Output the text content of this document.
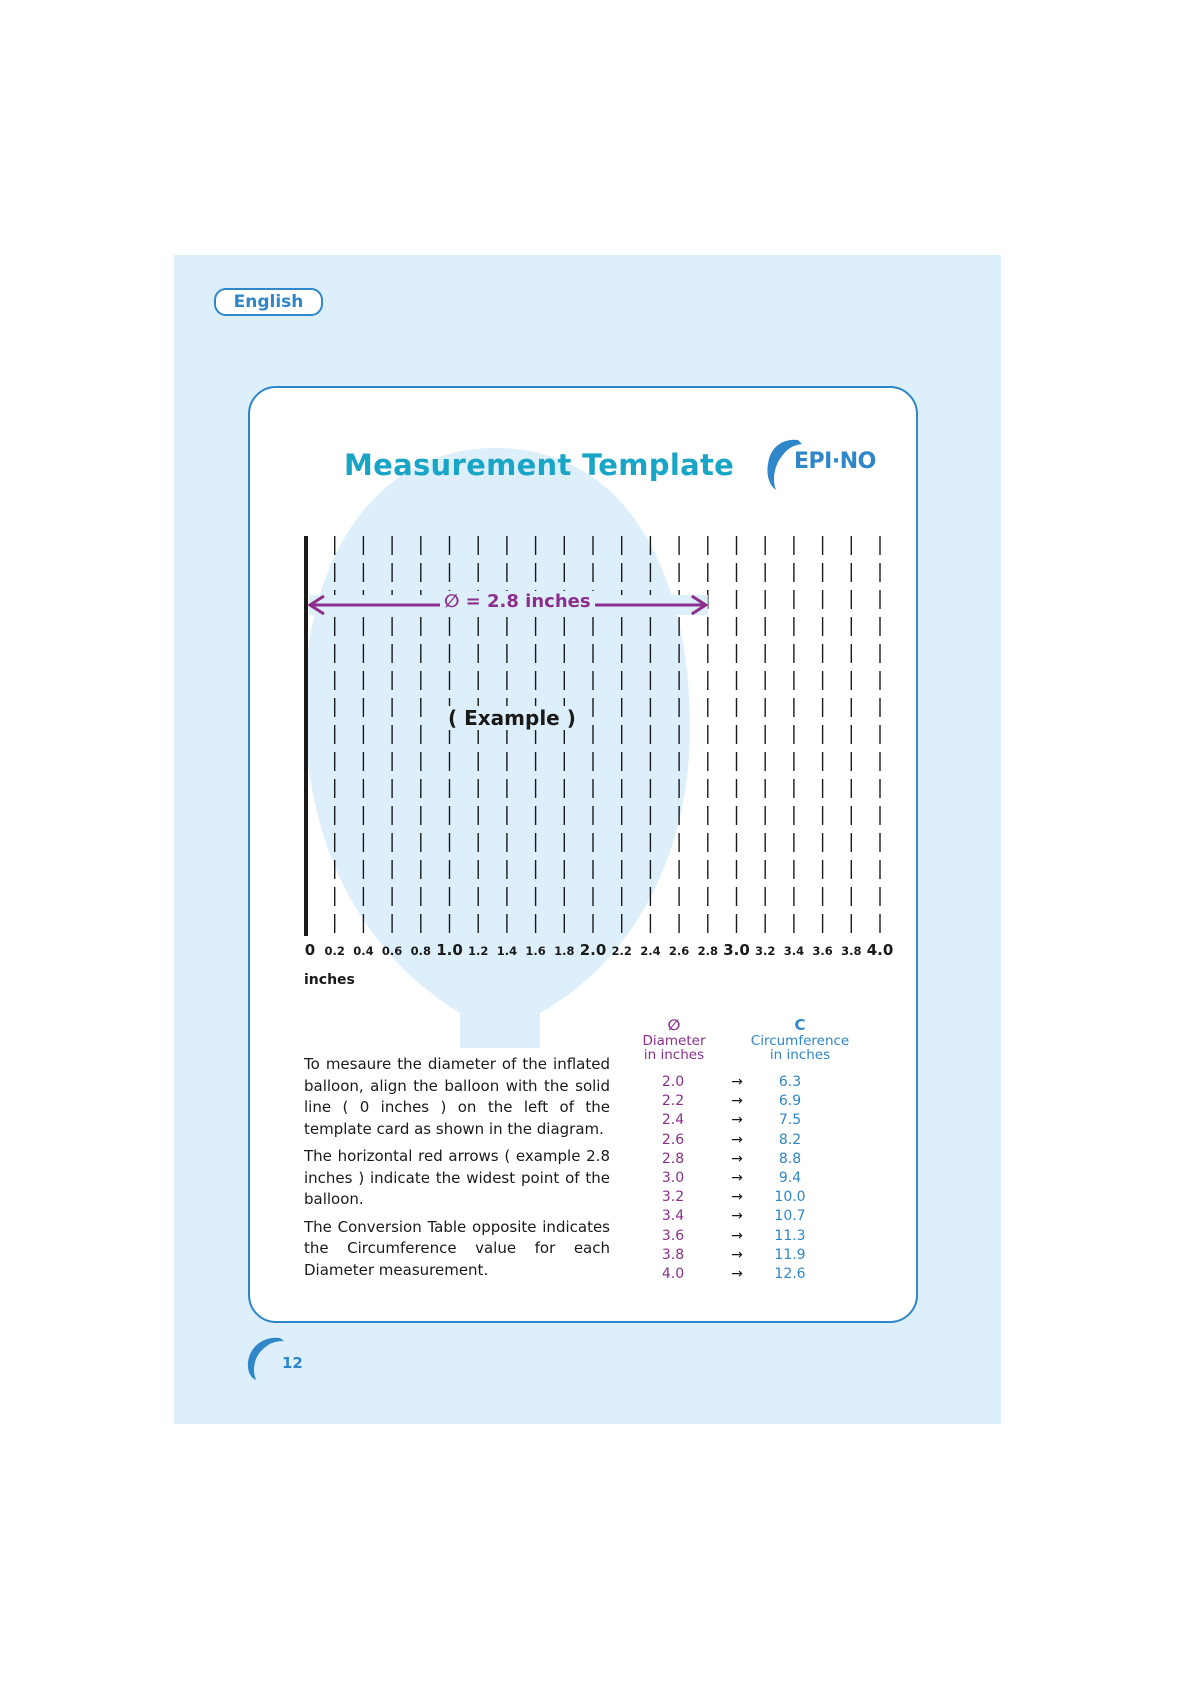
English
Measurement Template	EPI·NO
0 0.2 0.4 0.6 0.8 1.0 1.2 1.4 1.6 1.8 2.0 2.2 2.4 2.6 2.8 3.0 3.2 3.4 3.6 3.8 4.0
∅ = 2.8 inches
( Example )
inches

To mesaure the diameter of the inflated balloon, align the balloon with the solid line ( 0 inches ) on the left of the template card as shown in the diagram.

The horizontal red arrows ( example 2.8 inches ) indicate the widest point of the balloon.

The Conversion Table opposite indicates the Circumference value for each Diameter measurement.

∅
Diameter
in inches
C
Circumference
in inches
2.0	→	6.3
2.2	→	6.9
2.4	→	7.5
2.6	→	8.2
2.8	→	8.8
3.0	→	9.4
3.2	→	10.0
3.4	→	10.7
3.6	→	11.3
3.8	→	11.9
4.0	→	12.6
12
